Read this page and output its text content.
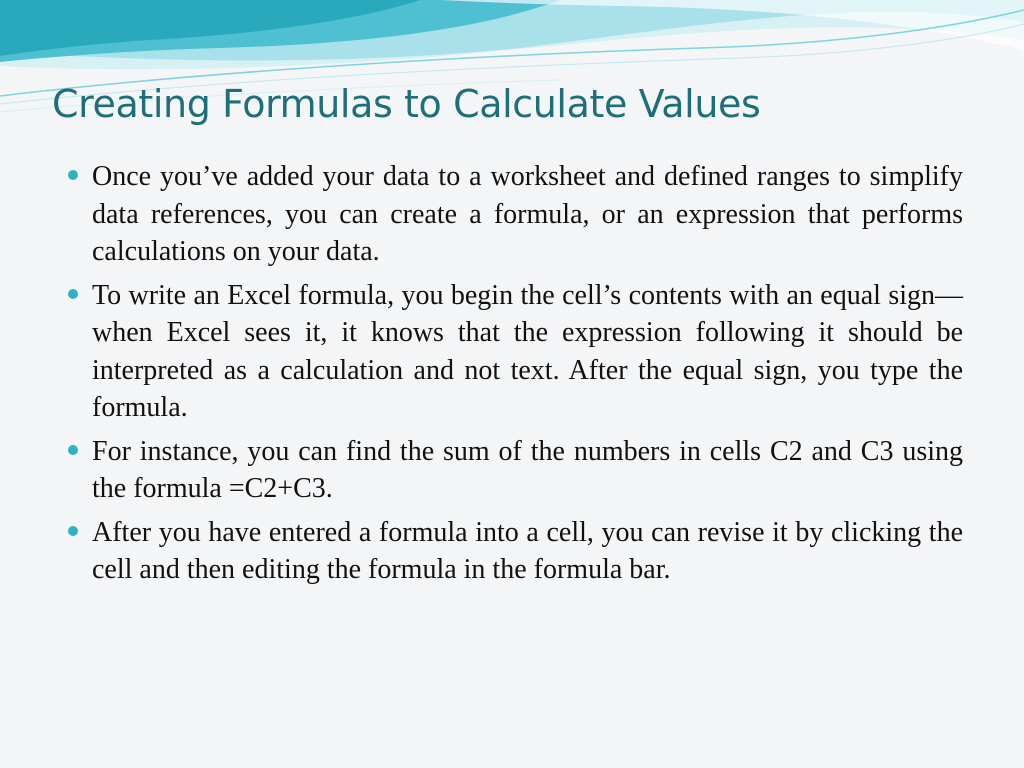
Creating Formulas to Calculate Values
Once you’ve added your data to a worksheet and defined ranges to simplify data references, you can create a formula, or an expression that performs calculations on your data.
To write an Excel formula, you begin the cell’s contents with an equal sign—when Excel sees it, it knows that the expression following it should be interpreted as a calculation and not text. After the equal sign, you type the formula.
For instance, you can find the sum of the numbers in cells C2 and C3 using the formula =C2+C3.
After you have entered a formula into a cell, you can revise it by clicking the cell and then editing the formula in the formula bar.
